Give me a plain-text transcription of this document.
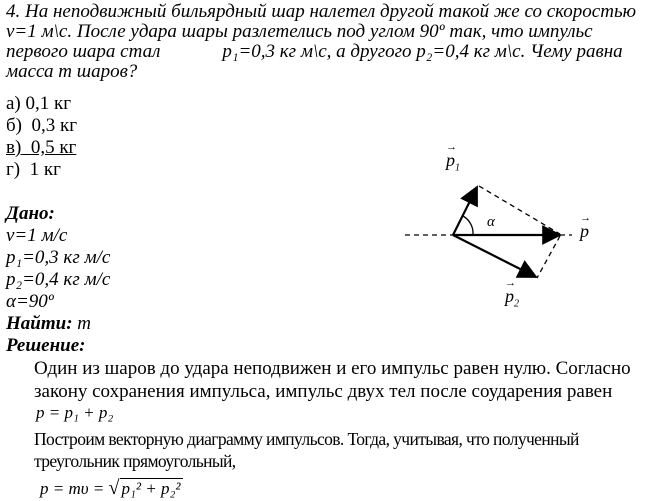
4. На неподвижный бильярдный шар налетел другой такой же со скоростью
v=1 м\с. После удара шары разлетелись под углом 90º так, что импульс
первого шара стал	p₁=0,3 кг м\с, а другого p₂=0,4 кг м\с. Чему равна
масса m шаров?
а) 0,1 кг
б) 0,3 кг
в) 0,5 кг
г) 1 кг	→ $p_1$
α	→ p
→ $p_2$
Дано:
v=1 м/с
p₁=0,3 кг м/с
p₂=0,4 кг м/с
α=90º
Найти: m
Решение:
Один из шаров до удара неподвижен и его импульс равен нулю. Согласно
закону сохранения импульса, импульс двух тел после соударения равен
p = p₁ + p₂
Построим векторную диаграмму импульсов. Тогда, учитывая, что полученный
треугольник прямоугольный,
p = mυ = √ p₁² + p₂²
